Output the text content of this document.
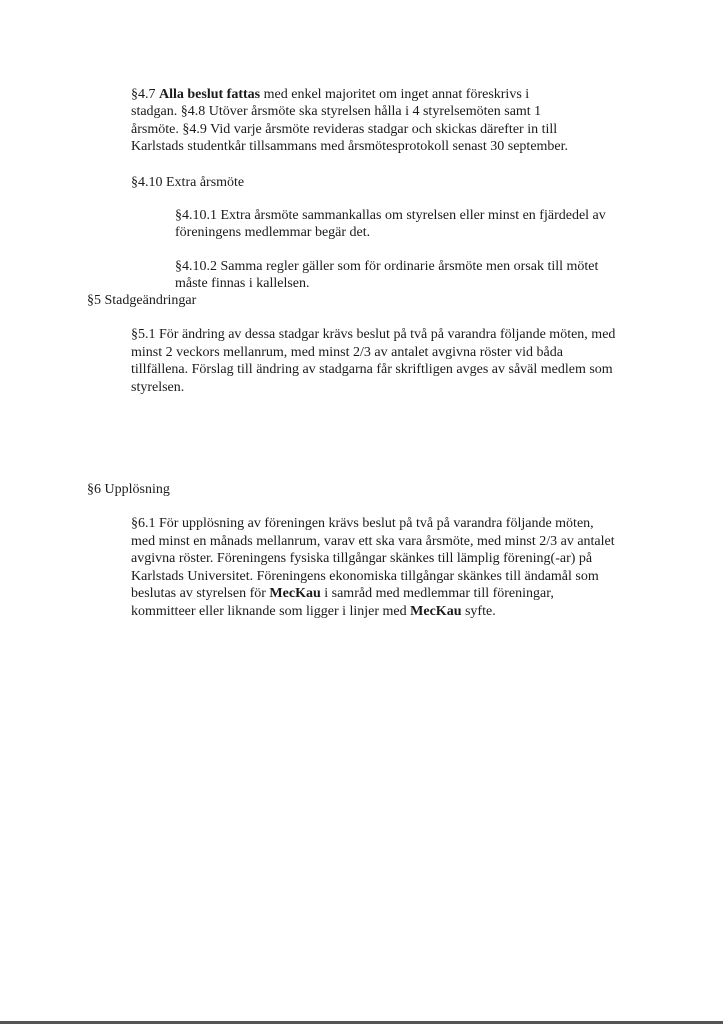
§4.7 Alla beslut fattas med enkel majoritet om inget annat föreskrivs i
stadgan. §4.8 Utöver årsmöte ska styrelsen hålla i 4 styrelsemöten samt 1
årsmöte. §4.9 Vid varje årsmöte revideras stadgar och skickas därefter in till
Karlstads studentkår tillsammans med årsmötesprotokoll senast 30 september.
§4.10 Extra årsmöte
§4.10.1 Extra årsmöte sammankallas om styrelsen eller minst en fjärdedel av
föreningens medlemmar begär det.
§4.10.2 Samma regler gäller som för ordinarie årsmöte men orsak till mötet
måste finnas i kallelsen.
§5 Stadgeändringar
§5.1 För ändring av dessa stadgar krävs beslut på två på varandra följande möten, med
minst 2 veckors mellanrum, med minst 2/3 av antalet avgivna röster vid båda
tillfällena. Förslag till ändring av stadgarna får skriftligen avges av såväl medlem som
styrelsen.
§6 Upplösning
§6.1 För upplösning av föreningen krävs beslut på två på varandra följande möten,
med minst en månads mellanrum, varav ett ska vara årsmöte, med minst 2/3 av antalet
avgivna röster. Föreningens fysiska tillgångar skänkes till lämplig förening(-ar) på
Karlstads Universitet. Föreningens ekonomiska tillgångar skänkes till ändamål som
beslutas av styrelsen för MecKau i samråd med medlemmar till föreningar,
kommitteer eller liknande som ligger i linjer med MecKau syfte.
